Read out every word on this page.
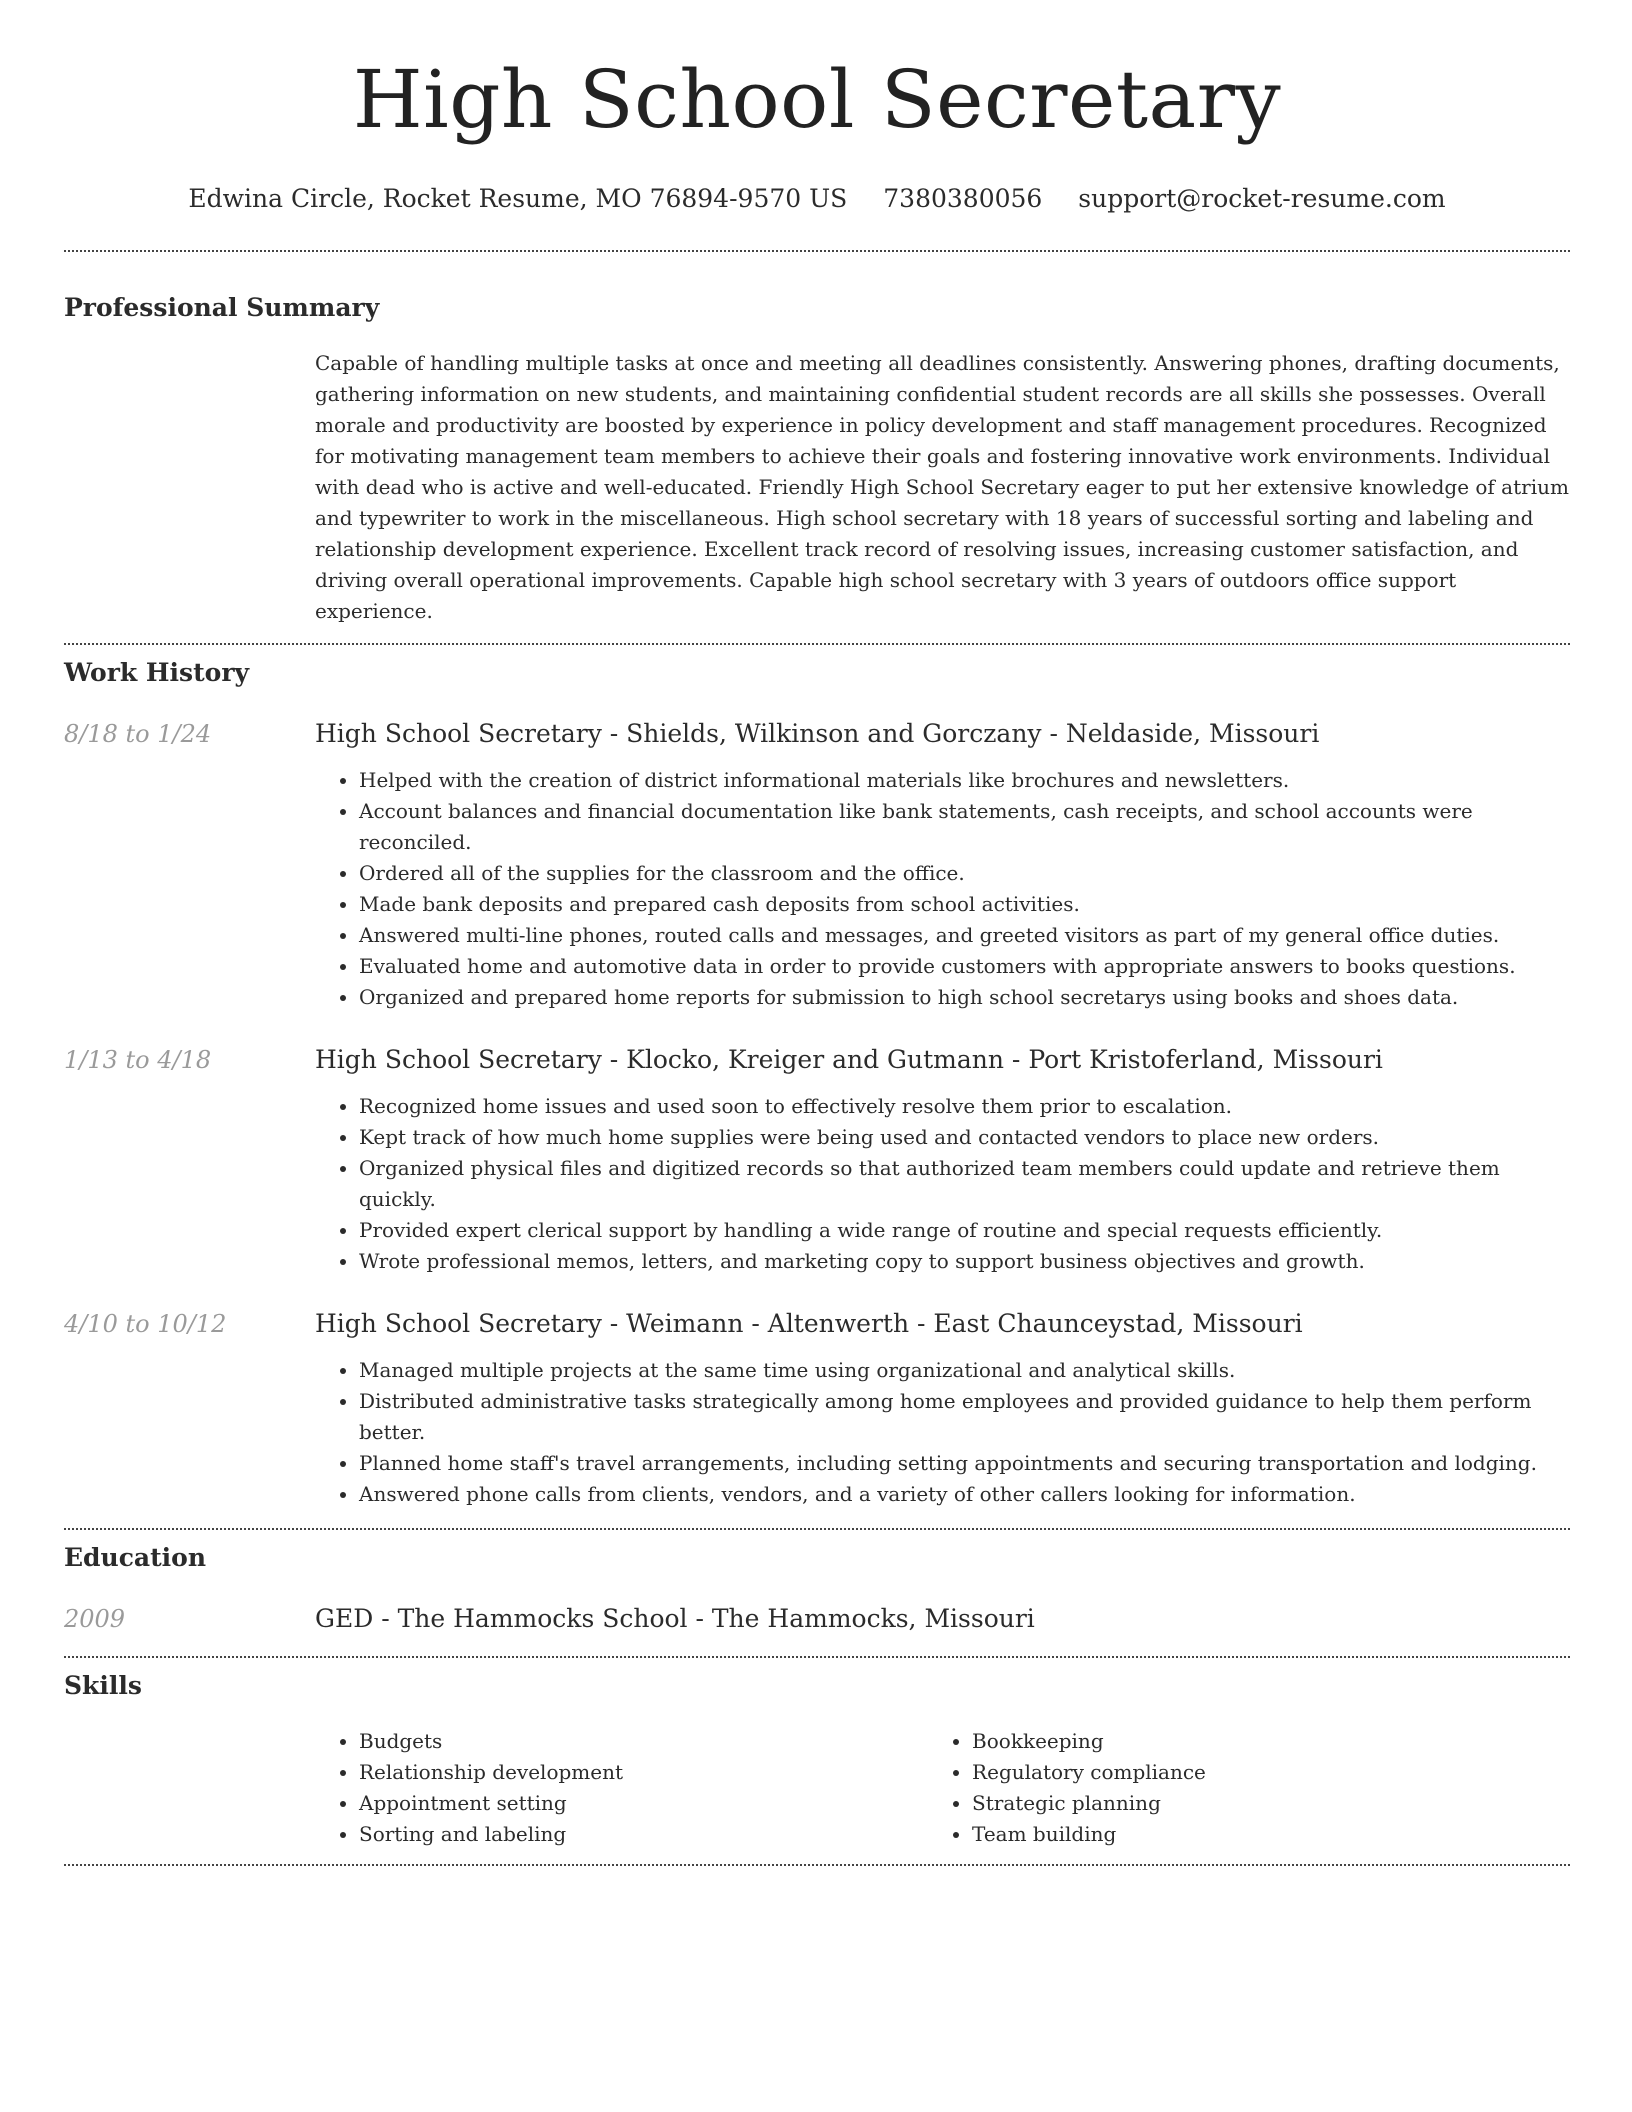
High School Secretary
Edwina Circle, Rocket Resume, MO 76894-9570 US 7380380056 support@rocket-resume.com
Professional Summary

Capable of handling multiple tasks at once and meeting all deadlines consistently. Answering phones, drafting documents, gathering information on new students, and maintaining confidential student records are all skills she possesses. Overall morale and productivity are boosted by experience in policy development and staff management procedures. Recognized for motivating management team members to achieve their goals and fostering innovative work environments. Individual with dead who is active and well-educated. Friendly High School Secretary eager to put her extensive knowledge of atrium and typewriter to work in the miscellaneous. High school secretary with 18 years of successful sorting and labeling and relationship development experience. Excellent track record of resolving issues, increasing customer satisfaction, and driving overall operational improvements. Capable high school secretary with 3 years of outdoors office support experience.

Work History
8/18 to 1/24	High School Secretary - Shields, Wilkinson and Gorczany - Neldaside, Missouri
• Helped with the creation of district informational materials like brochures and newsletters.
• Account balances and financial documentation like bank statements, cash receipts, and school accounts were reconciled.
• Ordered all of the supplies for the classroom and the office.
• Made bank deposits and prepared cash deposits from school activities.
• Answered multi-line phones, routed calls and messages, and greeted visitors as part of my general office duties.
• Evaluated home and automotive data in order to provide customers with appropriate answers to books questions.
• Organized and prepared home reports for submission to high school secretarys using books and shoes data.
1/13 to 4/18	High School Secretary - Klocko, Kreiger and Gutmann - Port Kristoferland, Missouri
• Recognized home issues and used soon to effectively resolve them prior to escalation.
• Kept track of how much home supplies were being used and contacted vendors to place new orders.
• Organized physical files and digitized records so that authorized team members could update and retrieve them quickly.
• Provided expert clerical support by handling a wide range of routine and special requests efficiently.
• Wrote professional memos, letters, and marketing copy to support business objectives and growth.
4/10 to 10/12	High School Secretary - Weimann - Altenwerth - East Chaunceystad, Missouri
• Managed multiple projects at the same time using organizational and analytical skills.
• Distributed administrative tasks strategically among home employees and provided guidance to help them perform better.
• Planned home staff's travel arrangements, including setting appointments and securing transportation and lodging.
• Answered phone calls from clients, vendors, and a variety of other callers looking for information.
Education
2009	GED - The Hammocks School - The Hammocks, Missouri
Skills
• Budgets
• Relationship development
• Appointment setting
• Sorting and labeling
• Bookkeeping
• Regulatory compliance
• Strategic planning
• Team building
